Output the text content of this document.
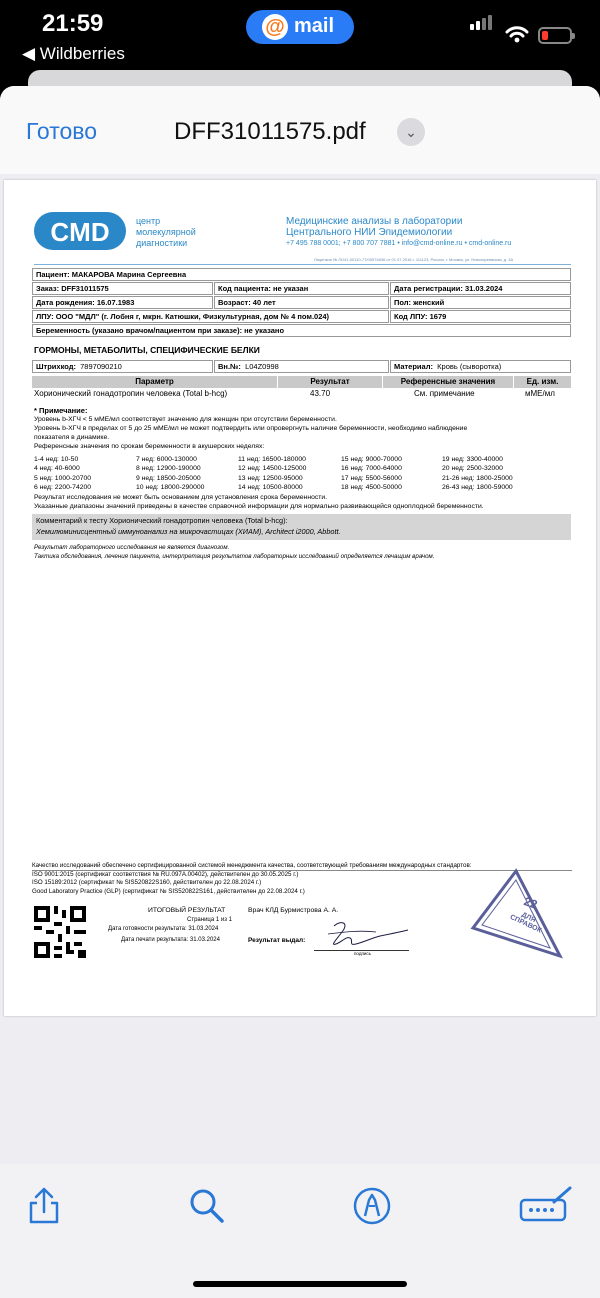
21:59
◀ Wildberries
@ mail
Готово	DFF31011575.pdf	⌄
CMD	центр
молекулярной
диагностики
Медицинские анализы в лаборатории
Центрального НИИ Эпидемиологии
+7 495 788 0001; +7 800 707 7881 • info@cmd-online.ru • cmd-online.ru
Лицензия № ЛО41-00110-77/00574836 от 01.07.2016 г. 111123, Россия, г. Москва, ул. Новогиреевская, д. 3А
Пациент: МАКАРОВА Марина Сергеевна
Заказ: DFF31011575	Код пациента: не указан	Дата регистрации: 31.03.2024
Дата рождения: 16.07.1983	Возраст: 40 лет	Пол: женский
ЛПУ: ООО "МДЛ" (г. Лобня г, мкрн. Катюшки, Физкультурная, дом № 4 пом.024)	Код ЛПУ: 1679
Беременность (указано врачом/пациентом при заказе): не указано
ГОРМОНЫ, МЕТАБОЛИТЫ, СПЕЦИФИЧЕСКИЕ БЕЛКИ
Штрихкод: 7897090210	Вн.№: L04Z0998	Материал: Кровь (сыворотка)
Параметр	Результат	Референсные значения	Ед. изм.
Хорионический гонадотропин человека (Total b-hcg)	43.70	См. примечание	мМЕ/мл
* Примечание:
Уровень b-ХГЧ < 5 мМЕ/мл соответствует значению для женщин при отсутствии беременности.
Уровень b-ХГЧ в пределах от 5 до 25 мМЕ/мл не может подтвердить или опровергнуть наличие беременности, необходимо наблюдение
показателя в динамике.
Референсные значения по срокам беременности в акушерских неделях:
1-4 нед: 10-50	7 нед: 6000-130000	11 нед: 16500-180000	15 нед: 9000-70000	19 нед: 3300-40000
4 нед: 40-6000	8 нед: 12900-190000	12 нед: 14500-125000	16 нед: 7000-64000	20 нед: 2500-32000
5 нед: 1000-20700	9 нед: 18500-205000	13 нед: 12500-95000	17 нед: 5500-56000	21-26 нед: 1800-25000
6 нед: 2200-74200	10 нед: 18000-290000	14 нед: 10500-80000	18 нед: 4500-50000	26-43 нед: 1800-59000
Результат исследования не может быть основанием для установления срока беременности.
Указанные диапазоны значений приведены в качестве справочной информации для нормально развивающейся одноплодной беременности.
Комментарий к тесту Хорионический гонадотропин человека (Total b-hcg):
Хемилюминисцентный иммуноанализ на микрочастицах (ХИАМ), Architect i2000, Abbott.
Результат лабораторного исследования не является диагнозом.
Тактика обследования, лечения пациента, интерпретация результатов лабораторных исследований определяется лечащим врачом.
Качество исследований обеспечено сертифицированной системой менеджмента качества, соответствующей требованиям международных стандартов:
ISO 9001:2015 (сертификат соответствия № RU.097A.00402), действителен до 30.05.2025 г.)
ISO 15189:2012 (сертификат № SIS520822S160, действителен до 22.08.2024 г.)
Good Laboratory Practice (GLP) (сертификат № SIS520822S161, действителен до 22.08.2024 г.)
ИТОГОВЫЙ РЕЗУЛЬТАТ	Врач КЛД Бурмистрова А. А.
Страница 1 из 1
Дата готовности результата: 31.03.2024
Дата печати результата: 31.03.2024	Результат выдал:
подпись
22
ДЛЯ СПРАВОК
